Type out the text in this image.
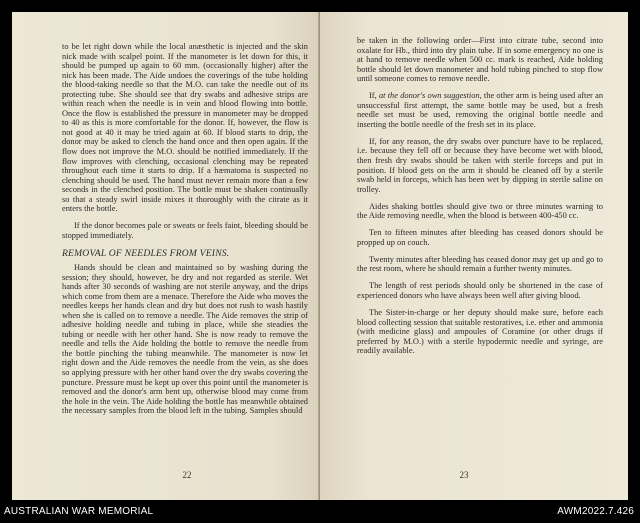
to be let right down while the local anæsthetic is injected and the skin nick made with scalpel point. If the manometer is let down for this, it should be pumped up again to 60 mm. (occasionally higher) after the nick has been made. The Aide undoes the coverings of the tube holding the blood-taking needle so that the M.O. can take the needle out of its protecting tube. She should see that dry swabs and adhesive strips are within reach when the needle is in vein and blood flowing into bottle. Once the flow is established the pressure in manometer may be dropped to 40 as this is more comfortable for the donor. If, however, the flow is not good at 40 it may be tried again at 60. If blood starts to drip, the donor may be asked to clench the hand once and then open again. If the flow does not improve the M.O. should be notified immediately. If the flow improves with clenching, occasional clenching may be repeated throughout each time it starts to drip. If a hæmatoma is suspected no clenching should be used. The hand must never remain more than a few seconds in the clenched position. The bottle must be shaken continually so that a steady swirl inside mixes it thoroughly with the citrate as it enters the bottle.

If the donor becomes pale or sweats or feels faint, bleeding should be stopped immediately.

REMOVAL OF NEEDLES FROM VEINS.

Hands should be clean and maintained so by washing during the session; they should, however, be dry and not regarded as sterile. Wet hands after 30 seconds of washing are not sterile anyway, and the drips which come from them are a menace. Therefore the Aide who moves the needles keeps her hands clean and dry but does not rush to wash hastily when she is called on to remove a needle. The Aide removes the strip of adhesive holding needle and tubing in place, while she steadies the tubing or needle with her other hand. She is now ready to remove the needle and tells the Aide holding the bottle to remove the needle from the bottle pinching the tubing meanwhile. The manometer is now let right down and the Aide removes the needle from the vein, as she does so applying pressure with her other hand over the dry swabs covering the puncture. Pressure must be kept up over this point until the manometer is removed and the donor's arm bent up, otherwise blood may come from the hole in the vein. The Aide holding the bottle has meanwhile obtained the necessary samples from the blood left in the tubing. Samples should

22

be taken in the following order—First into citrate tube, second into oxalate for Hb., third into dry plain tube. If in some emergency no one is at hand to remove needle when 500 cc. mark is reached, Aide holding bottle should let down manometer and hold tubing pinched to stop flow until someone comes to remove needle.

If, at the donor's own suggestion, the other arm is being used after an unsuccessful first attempt, the same bottle may be used, but a fresh needle set must be used, removing the original bottle needle and inserting the bottle needle of the fresh set in its place.

If, for any reason, the dry swabs over puncture have to be replaced, i.e. because they fell off or because they have become wet with blood, then fresh dry swabs should be taken with sterile forceps and put in position. If blood gets on the arm it should be cleaned off by a sterile swab held in forceps, which has been wet by dipping in sterile saline on trolley.

Aides shaking bottles should give two or three minutes warning to the Aide removing needle, when the blood is between 400-450 cc.

Ten to fifteen minutes after bleeding has ceased donors should be propped up on couch.

Twenty minutes after bleeding has ceased donor may get up and go to the rest room, where he should remain a further twenty minutes.

The length of rest periods should only be shortened in the case of experienced donors who have always been well after giving blood.

The Sister-in-charge or her deputy should make sure, before each blood collecting session that suitable restoratives, i.e. ether and ammonia (with medicine glass) and ampoules of Coramine (or other drugs if preferred by M.O.) with a sterile hypodermic needle and syringe, are readily available.

23
AUSTRALIAN WAR MEMORIAL	AWM2022.7.426
